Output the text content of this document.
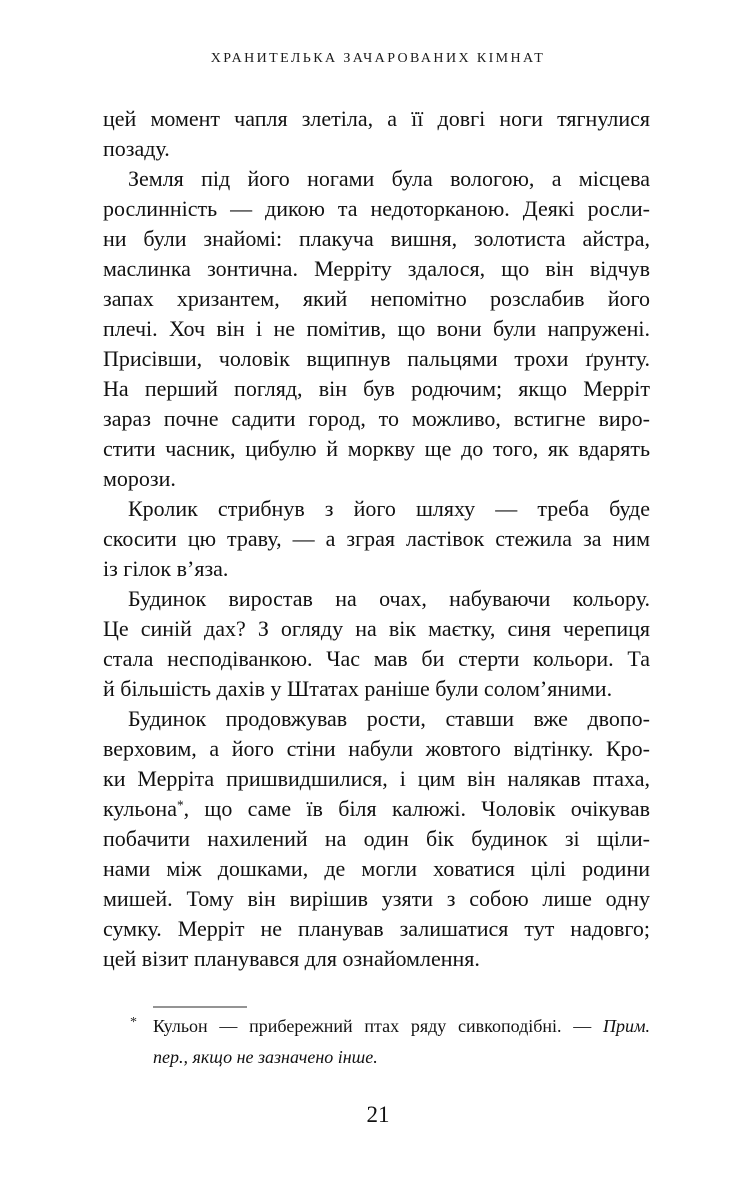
ХРАНИТЕЛЬКА ЗАЧАРОВАНИХ КІМНАТ
цей момент чапля злетіла, а її довгі ноги тягнулися
позаду.
Земля під його ногами була вологою, а місцева
рослинність — дикою та недоторканою. Деякі росли-
ни були знайомі: плакуча вишня, золотиста айстра,
маслинка зонтична. Мерріту здалося, що він відчув
запах хризантем, який непомітно розслабив його
плечі. Хоч він і не помітив, що вони були напружені.
Присівши, чоловік вщипнув пальцями трохи ґрунту.
На перший погляд, він був родючим; якщо Мерріт
зараз почне садити город, то можливо, встигне виро-
стити часник, цибулю й моркву ще до того, як вдарять
морози.
Кролик стрибнув з його шляху — треба буде
скосити цю траву, — а зграя ластівок стежила за ним
із гілок в’яза.
Будинок виростав на очах, набуваючи кольору.
Це синій дах? З огляду на вік маєтку, синя черепиця
стала несподіванкою. Час мав би стерти кольори. Та
й більшість дахів у Штатах раніше були солом’яними.
Будинок продовжував рости, ставши вже двопо-
верховим, а його стіни набули жовтого відтінку. Кро-
ки Мерріта пришвидшилися, і цим він налякав птаха,
кульона*, що саме їв біля калюжі. Чоловік очікував
побачити нахилений на один бік будинок зі щіли-
нами між дошками, де могли ховатися цілі родини
мишей. Тому він вирішив узяти з собою лише одну
сумку. Мерріт не планував залишатися тут надовго;
цей візит планувався для ознайомлення.
* Кульон — прибережний птах ряду сивкоподібні. — Прим.
пер., якщо не зазначено інше.
21
